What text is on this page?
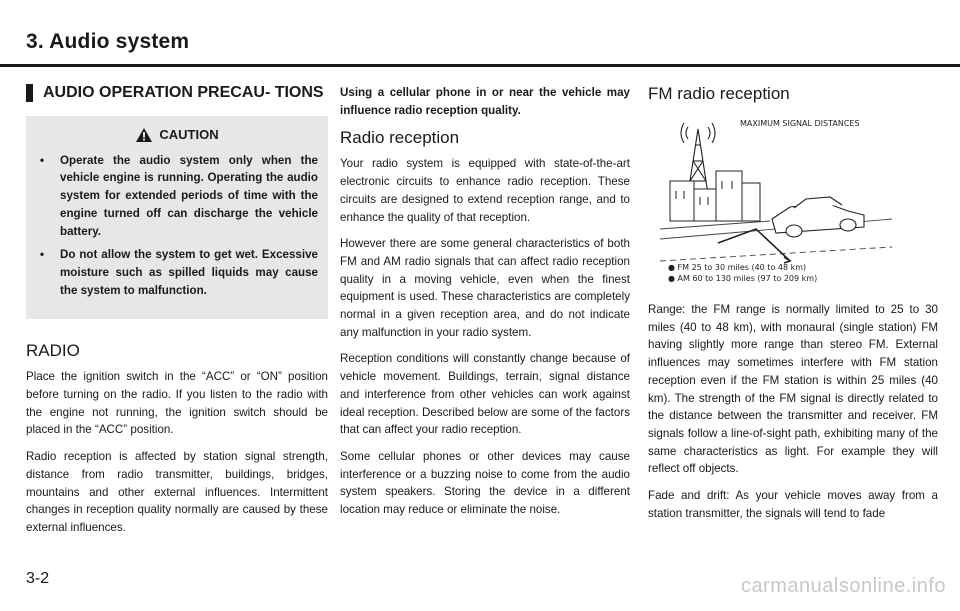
3. Audio system
AUDIO OPERATION PRECAU- TIONS
CAUTION
•	Operate the audio system only when the vehicle engine is running. Operating the audio system for extended periods of time with the engine turned off can discharge the vehicle battery.
•	Do not allow the system to get wet. Excessive moisture such as spilled liquids may cause the system to malfunction.
RADIO

Place the ignition switch in the “ACC” or “ON” position before turning on the radio. If you listen to the radio with the engine not running, the ignition switch should be placed in the “ACC” position.

Radio reception is affected by station signal strength, distance from radio transmitter, buildings, bridges, mountains and other external influences. Intermittent changes in reception quality normally are caused by these external influences.

Using a cellular phone in or near the vehicle may influence radio reception quality.

Radio reception

Your radio system is equipped with state-of-the-art electronic circuits to enhance radio reception. These circuits are designed to extend reception range, and to enhance the quality of that reception.

However there are some general characteristics of both FM and AM radio signals that can affect radio reception quality in a moving vehicle, even when the finest equipment is used. These characteristics are completely normal in a given reception area, and do not indicate any malfunction in your radio system.

Reception conditions will constantly change because of vehicle movement. Buildings, terrain, signal distance and interference from other vehicles can work against ideal reception. Described below are some of the factors that can affect your radio reception.

Some cellular phones or other devices may cause interference or a buzzing noise to come from the audio system speakers. Storing the device in a different location may reduce or eliminate the noise.

FM radio reception
MAXIMUM SIGNAL DISTANCES
● FM 25 to 30 miles (40 to 48 km)
● AM 60 to 130 miles (97 to 209 km)

Range: the FM range is normally limited to 25 to 30 miles (40 to 48 km), with monaural (single station) FM having slightly more range than stereo FM. External influences may sometimes interfere with FM station reception even if the FM station is within 25 miles (40 km). The strength of the FM signal is directly related to the distance between the transmitter and receiver. FM signals follow a line-of-sight path, exhibiting many of the same characteristics as light. For example they will reflect off objects.

Fade and drift: As your vehicle moves away from a station transmitter, the signals will tend to fade

3-2	carmanualsonline.info
